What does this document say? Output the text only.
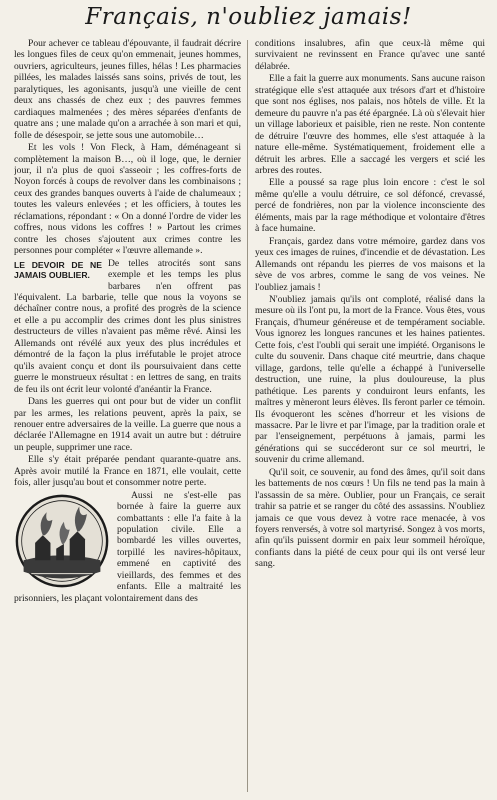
Français, n'oubliez jamais!

Pour achever ce tableau d'épouvante, il faudrait décrire les longues files de ceux qu'on emmenait, jeunes hommes, ouvriers, agriculteurs, jeunes filles, hélas ! Les pharmacies pillées, les malades laissés sans soins, privés de tout, les paralytiques, les agonisants, jusqu'à une vieille de cent deux ans chassés de chez eux ; des pauvres femmes cardiaques malmenées ; des mères séparées d'enfants de quatre ans ; une malade qu'on a arrachée à son mari et qui, folle de désespoir, se jette sous une automobile…

Et les vols ! Von Fleck, à Ham, déménageant si complètement la maison B…, où il loge, que, le dernier jour, il n'a plus de quoi s'asseoir ; les coffres-forts de Noyon forcés à coups de revolver dans les combinaisons ; ceux des grandes banques ouverts à l'aide de chalumeaux ; toutes les valeurs enlevées ; et les officiers, à toutes les réclamations, répondant : « On a donné l'ordre de vider les coffres, nous vidons les coffres ! » Partout les crimes contre les choses s'ajoutent aux crimes contre les personnes pour compléter « l'œuvre allemande ».

LE DEVOIR DE NE JAMAIS OUBLIER.

De telles atrocités sont sans exemple et les temps les plus barbares n'en offrent pas l'équivalent. La barbarie, telle que nous la voyons se déchaîner contre nous, a profité des progrès de la science et elle a pu accomplir des crimes dont les plus sinistres destructeurs de villes n'avaient pas même rêvé. Ainsi les Allemands ont révélé aux yeux des plus incrédules et démontré de la façon la plus irréfutable le projet atroce qu'ils avaient conçu et dont ils poursuivaient dans cette guerre le monstrueux résultat : en lettres de sang, en traits de feu ils ont écrit leur volonté d'anéantir la France.

Dans les guerres qui ont pour but de vider un conflit par les armes, les relations peuvent, après la paix, se renouer entre adversaires de la veille. La guerre que nous a déclarée l'Allemagne en 1914 avait un autre but : détruire un peuple, supprimer une race.

Elle s'y était préparée pendant quarante-quatre ans. Après avoir mutilé la France en 1871, elle voulait, cette fois, aller jusqu'au bout et consommer notre perte.

Aussi ne s'est-elle pas bornée à faire la guerre aux combattants : elle l'a faite à la population civile. Elle a bombardé les villes ouvertes, torpillé les navires-hôpitaux, emmené en captivité des vieillards, des femmes et des enfants. Elle a maltraité les prisonniers, les plaçant volontairement dans des

conditions insalubres, afin que ceux-là même qui survivaient ne revinssent en France qu'avec une santé délabrée.

Elle a fait la guerre aux monuments. Sans aucune raison stratégique elle s'est attaquée aux trésors d'art et d'histoire que sont nos églises, nos palais, nos hôtels de ville. Et la demeure du pauvre n'a pas été épargnée. Là où s'élevait hier un village laborieux et paisible, rien ne reste. Non contente de détruire l'œuvre des hommes, elle s'est attaquée à la nature elle-même. Systématiquement, froidement elle a détruit les arbres. Elle a saccagé les vergers et scié les arbres des routes.

Elle a poussé sa rage plus loin encore : c'est le sol même qu'elle a voulu détruire, ce sol défoncé, crevassé, percé de fondrières, non par la violence inconsciente des éléments, mais par la rage méthodique et volontaire d'êtres à face humaine.

Français, gardez dans votre mémoire, gardez dans vos yeux ces images de ruines, d'incendie et de dévastation. Les Allemands ont répandu les pierres de vos maisons et la sève de vos arbres, comme le sang de vos veines. Ne l'oubliez jamais !

N'oubliez jamais qu'ils ont comploté, réalisé dans la mesure où ils l'ont pu, la mort de la France. Vous êtes, vous Français, d'humeur généreuse et de tempérament sociable. Vous ignorez les longues rancunes et les haines patientes. Cette fois, c'est l'oubli qui serait une impiété. Organisons le culte du souvenir. Dans chaque cité meurtrie, dans chaque village, gardons, telle qu'elle a échappé à l'universelle destruction, une ruine, la plus douloureuse, la plus pathétique. Les parents y conduiront leurs enfants, les maîtres y mèneront leurs élèves. Ils feront parler ce témoin. Ils évoqueront les scènes d'horreur et les visions de massacre. Par le livre et par l'image, par la tradition orale et par l'enseignement, perpétuons à jamais, parmi les générations qui se succéderont sur ce sol meurtri, le souvenir du crime allemand.

Qu'il soit, ce souvenir, au fond des âmes, qu'il soit dans les battements de nos cœurs ! Un fils ne tend pas la main à l'assassin de sa mère. Oublier, pour un Français, ce serait trahir sa patrie et se ranger du côté des assassins. N'oubliez jamais ce que vous devez à votre race menacée, à vos foyers renversés, à votre sol martyrisé. Songez à vos morts, afin qu'ils puissent dormir en paix leur sommeil héroïque, confiants dans la piété de ceux pour qui ils ont versé leur sang.
